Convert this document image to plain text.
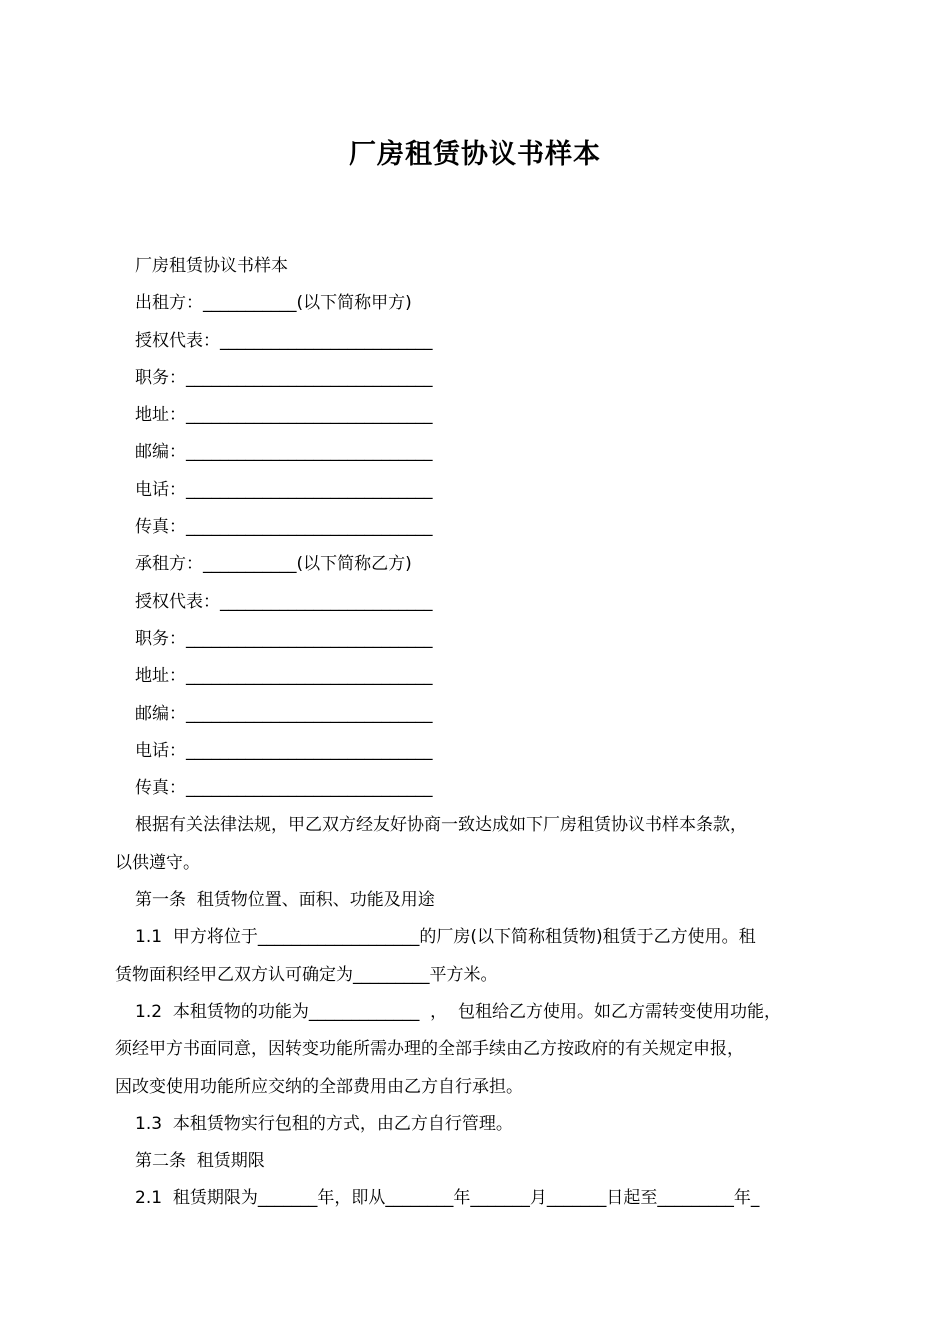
厂房租赁协议书样本
厂房租赁协议书样本
出租方：___________(以下简称甲方)
授权代表：_________________________
职务：_____________________________
地址：_____________________________
邮编：_____________________________
电话：_____________________________
传真：_____________________________
承租方：___________(以下简称乙方)
授权代表：_________________________
职务：_____________________________
地址：_____________________________
邮编：_____________________________
电话：_____________________________
传真：_____________________________
根据有关法律法规，甲乙双方经友好协商一致达成如下厂房租赁协议书样本条款，
以供遵守。
第一条  租赁物位置、面积、功能及用途
1.1  甲方将位于___________________的厂房(以下简称租赁物)租赁于乙方使用。租
赁物面积经甲乙双方认可确定为_________平方米。
1.2  本租赁物的功能为_____________  ，  包租给乙方使用。如乙方需转变使用功能，
须经甲方书面同意，因转变功能所需办理的全部手续由乙方按政府的有关规定申报，
因改变使用功能所应交纳的全部费用由乙方自行承担。
1.3  本租赁物实行包租的方式，由乙方自行管理。
第二条  租赁期限
2.1  租赁期限为_______年，即从________年_______月_______日起至_________年_
